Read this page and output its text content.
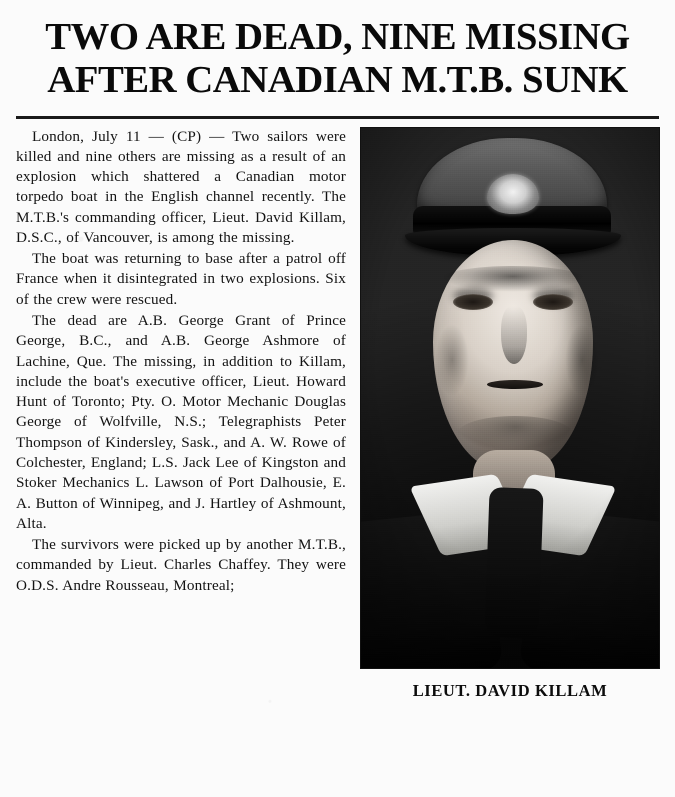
TWO ARE DEAD, NINE MISSING
AFTER CANADIAN M.T.B. SUNK

London, July 11 — (CP) — Two sailors were killed and nine others are missing as a result of an explosion which shattered a Canadian motor torpedo boat in the English channel recently. The M.T.B.'s commanding officer, Lieut. David Killam, D.S.C., of Vancouver, is among the missing.

The boat was returning to base after a patrol off France when it disintegrated in two explosions. Six of the crew were rescued.

The dead are A.B. George Grant of Prince George, B.C., and A.B. George Ashmore of Lachine, Que. The missing, in addition to Killam, include the boat's executive officer, Lieut. Howard Hunt of Toronto; Pty. O. Motor Mechanic Douglas George of Wolfville, N.S.; Telegraphists Peter Thompson of Kindersley, Sask., and A. W. Rowe of Colchester, England; L.S. Jack Lee of Kingston and Stoker Mechanics L. Lawson of Port Dalhousie, E. A. Button of Winnipeg, and J. Hartley of Ashmount, Alta.

The survivors were picked up by another M.T.B., commanded by Lieut. Charles Chaffey. They were O.D.S. Andre Rousseau, Montreal;

LIEUT. DAVID KILLAM
